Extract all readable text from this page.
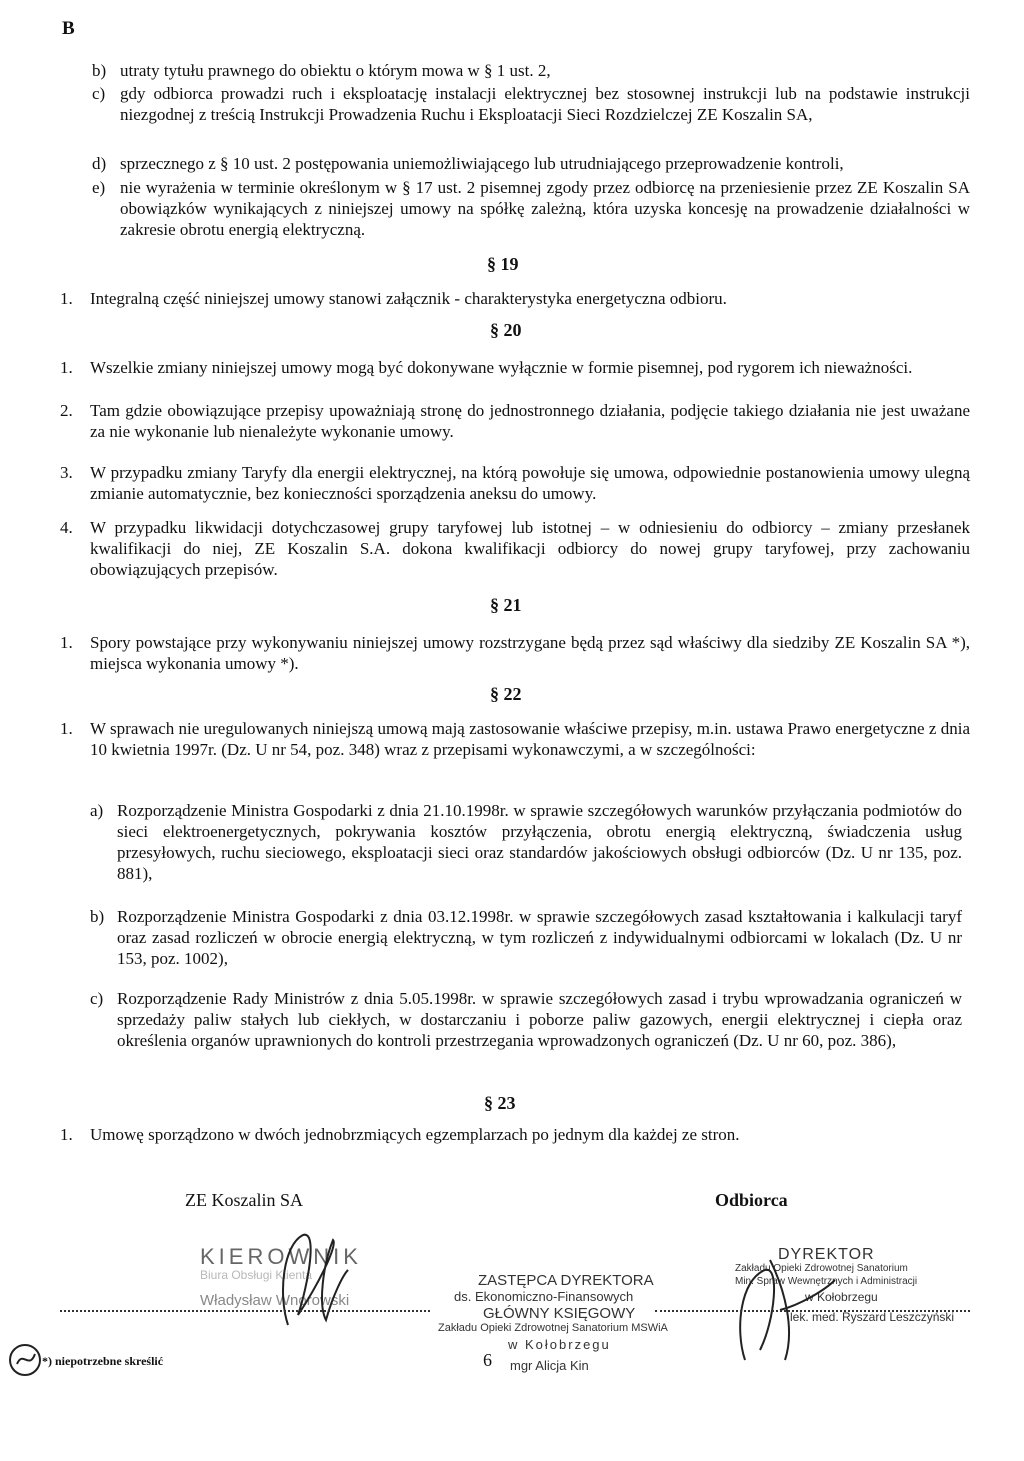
B
b) utraty tytułu prawnego do obiektu o którym mowa w § 1 ust. 2,
c) gdy odbiorca prowadzi ruch i eksploatację instalacji elektrycznej bez stosownej instrukcji lub na podstawie instrukcji niezgodnej z treścią Instrukcji Prowadzenia Ruchu i Eksploatacji Sieci Rozdzielczej ZE Koszalin SA,
d) sprzecznego z § 10 ust. 2 postępowania uniemożliwiającego lub utrudniającego przeprowadzenie kontroli,
e) nie wyrażenia w terminie określonym w § 17 ust. 2 pisemnej zgody przez odbiorcę na przeniesienie przez ZE Koszalin SA obowiązków wynikających z niniejszej umowy na spółkę zależną, która uzyska koncesję na prowadzenie działalności w zakresie obrotu energią elektryczną.
§ 19
1. Integralną część niniejszej umowy stanowi załącznik - charakterystyka energetyczna odbioru.
§ 20
1. Wszelkie zmiany niniejszej umowy mogą być dokonywane wyłącznie w formie pisemnej, pod rygorem ich nieważności.
2. Tam gdzie obowiązujące przepisy upoważniają stronę do jednostronnego działania, podjęcie takiego działania nie jest uważane za nie wykonanie lub nienależyte wykonanie umowy.
3. W przypadku zmiany Taryfy dla energii elektrycznej, na którą powołuje się umowa, odpowiednie postanowienia umowy ulegną zmianie automatycznie, bez konieczności sporządzenia aneksu do umowy.
4. W przypadku likwidacji dotychczasowej grupy taryfowej lub istotnej – w odniesieniu do odbiorcy – zmiany przesłanek kwalifikacji do niej, ZE Koszalin S.A. dokona kwalifikacji odbiorcy do nowej grupy taryfowej, przy zachowaniu obowiązujących przepisów.
§ 21
1. Spory powstające przy wykonywaniu niniejszej umowy rozstrzygane będą przez sąd właściwy dla siedziby ZE Koszalin SA *), miejsca wykonania umowy *).
§ 22
1. W sprawach nie uregulowanych niniejszą umową mają zastosowanie właściwe przepisy, m.in. ustawa Prawo energetyczne z dnia 10 kwietnia 1997r. (Dz. U nr 54, poz. 348) wraz z przepisami wykonawczymi, a w szczególności:
a) Rozporządzenie Ministra Gospodarki z dnia 21.10.1998r. w sprawie szczegółowych warunków przyłączania podmiotów do sieci elektroenergetycznych, pokrywania kosztów przyłączenia, obrotu energią elektryczną, świadczenia usług przesyłowych, ruchu sieciowego, eksploatacji sieci oraz standardów jakościowych obsługi odbiorców (Dz. U nr 135, poz. 881),
b) Rozporządzenie Ministra Gospodarki z dnia 03.12.1998r. w sprawie szczegółowych zasad kształtowania i kalkulacji taryf oraz zasad rozliczeń w obrocie energią elektryczną, w tym rozliczeń z indywidualnymi odbiorcami w lokalach (Dz. U nr 153, poz. 1002),
c) Rozporządzenie Rady Ministrów z dnia 5.05.1998r. w sprawie szczegółowych zasad i trybu wprowadzania ograniczeń w sprzedaży paliw stałych lub ciekłych, w dostarczaniu i poborze paliw gazowych, energii elektrycznej i ciepła oraz określenia organów uprawnionych do kontroli przestrzegania wprowadzonych ograniczeń (Dz. U nr 60, poz. 386),
§ 23
1. Umowę sporządzono w dwóch jednobrzmiących egzemplarzach po jednym dla każdej ze stron.
ZE Koszalin SA	Odbiorca
KIEROWNIK
Biura Obsługi Klienta
Władysław Wnorowski
ZASTĘPCA DYREKTORA
ds. Ekonomiczno-Finansowych
GŁÓWNY KSIĘGOWY
Zakładu Opieki Zdrowotnej Sanatorium MSWiA
w Kołobrzegu
mgr Alicja Kin
DYREKTOR
Zakładu Opieki Zdrowotnej Sanatorium
Min. Spraw Wewnętrznych i Administracji
w Kołobrzegu
lek. med. Ryszard Leszczyński
*) niepotrzebne skreślić	6
